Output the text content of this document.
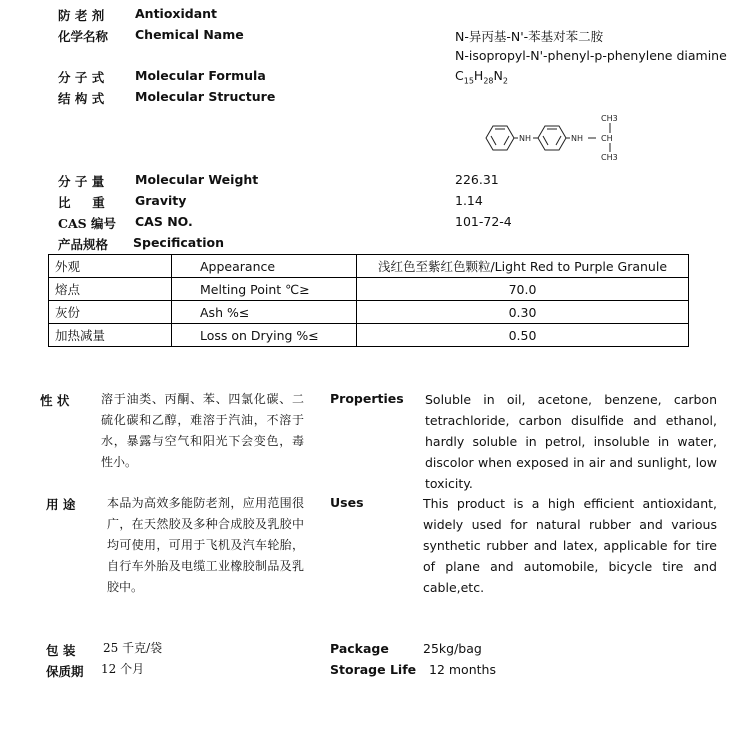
防 老 剂 Antioxidant
化学名称 Chemical Name	N-异丙基-N'-苯基对苯二胺
N-isopropyl-N'-phenyl-p-phenylene diamine
分 子 式 Molecular Formula	$C_{15}H_{28}N_2$
结 构 式 Molecular Structure
NH	NH
CH3
CH
CH3
分 子 量 Molecular Weight	226.31
比     重 Gravity	1.14
CAS 编号 CAS NO.	101-72-4
产品规格 Specification
外观	Appearance	浅红色至紫红色颗粒/Light Red to Purple Granule
熔点	Melting Point ℃≥	70.0
灰份	Ash %≤	0.30
加热减量	Loss on Drying %≤	0.50
性 状	溶于油类、丙酮、苯、四氯化碳、二硫化碳和乙醇，难溶于汽油，不溶于水，暴露与空气和阳光下会变色，毒性小。
Properties Soluble in oil, acetone, benzene, carbon tetrachloride, carbon disulfide and ethanol, hardly soluble in petrol, insoluble in water, discolor when exposed in air and sunlight, low toxicity.
用 途	本品为高效多能防老剂，应用范围很广，在天然胶及多种合成胶及乳胶中均可使用，可用于飞机及汽车轮胎，自行车外胎及电缆工业橡胶制品及乳胶中。
Uses	This product is a high efficient antioxidant, widely used for natural rubber and various synthetic rubber and latex, applicable for tire of plane and automobile, bicycle tire and cable,etc.
包 装 25 千克/袋	Package	25kg/bag
保质期 12 个月	Storage Life 12 months
